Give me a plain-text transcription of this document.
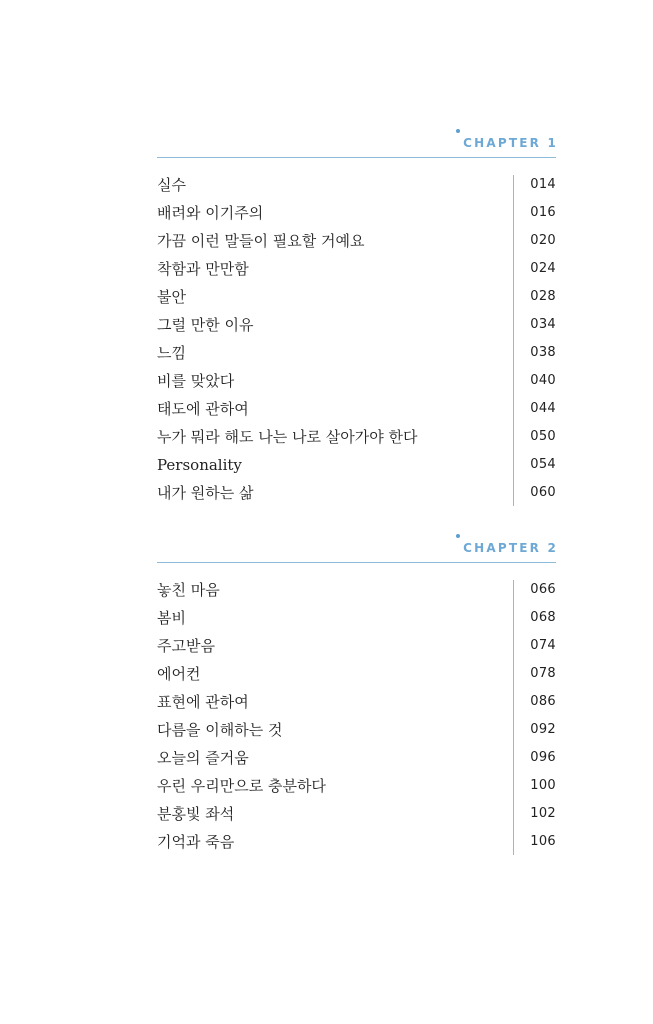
CHAPTER 1
실수	014
배려와 이기주의	016
가끔 이런 말들이 필요할 거예요	020
착함과 만만함	024
불안	028
그럴 만한 이유	034
느낌	038
비를 맞았다	040
태도에 관하여	044
누가 뭐라 해도 나는 나로 살아가야 한다	050
Personality	054
내가 원하는 삶	060
CHAPTER 2
놓친 마음	066
봄비	068
주고받음	074
에어컨	078
표현에 관하여	086
다름을 이해하는 것	092
오늘의 즐거움	096
우린 우리만으로 충분하다	100
분홍빛 좌석	102
기억과 죽음	106
